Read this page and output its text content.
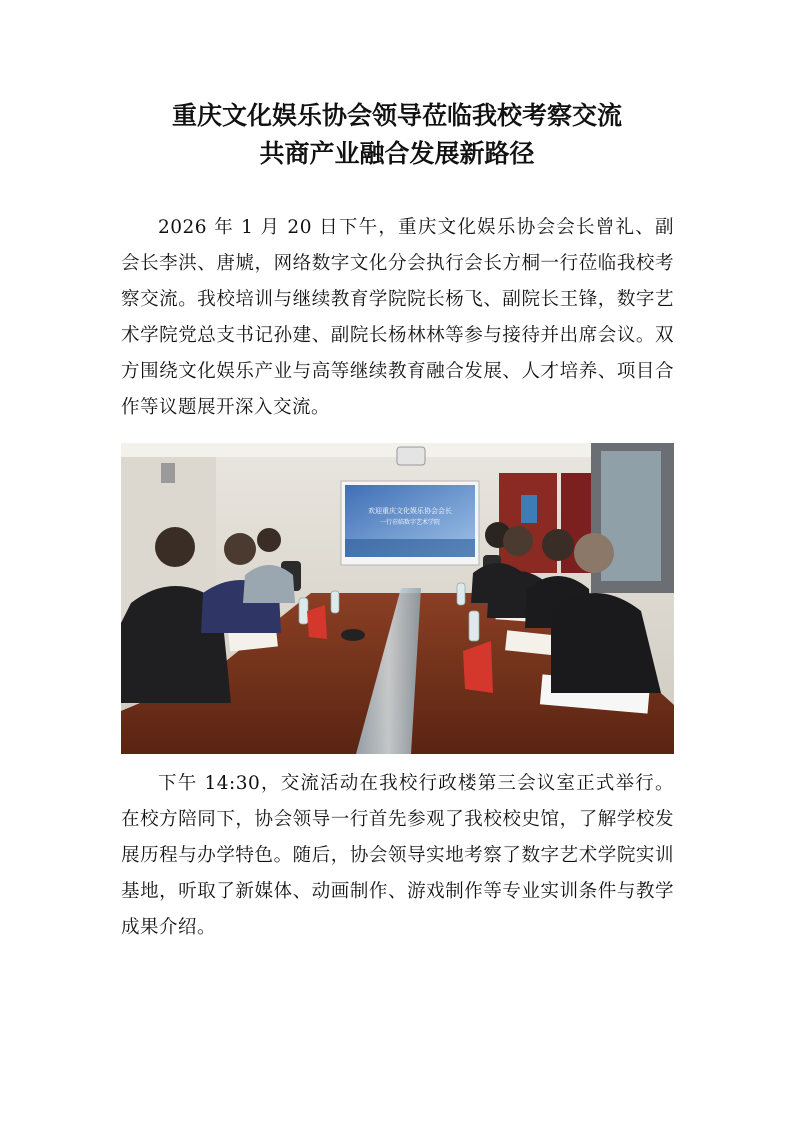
重庆文化娱乐协会领导莅临我校考察交流
共商产业融合发展新路径

2026 年 1 月 20 日下午，重庆文化娱乐协会会长曾礼、副会长李洪、唐虓，网络数字文化分会执行会长方桐一行莅临我校考察交流。我校培训与继续教育学院院长杨飞、副院长王锋，数字艺术学院党总支书记孙建、副院长杨林林等参与接待并出席会议。双方围绕文化娱乐产业与高等继续教育融合发展、人才培养、项目合作等议题展开深入交流。

欢迎重庆文化娱乐协会会长
一行莅临数字艺术学院

下午 14:30，交流活动在我校行政楼第三会议室正式举行。在校方陪同下，协会领导一行首先参观了我校校史馆，了解学校发展历程与办学特色。随后，协会领导实地考察了数字艺术学院实训基地，听取了新媒体、动画制作、游戏制作等专业实训条件与教学成果介绍。
